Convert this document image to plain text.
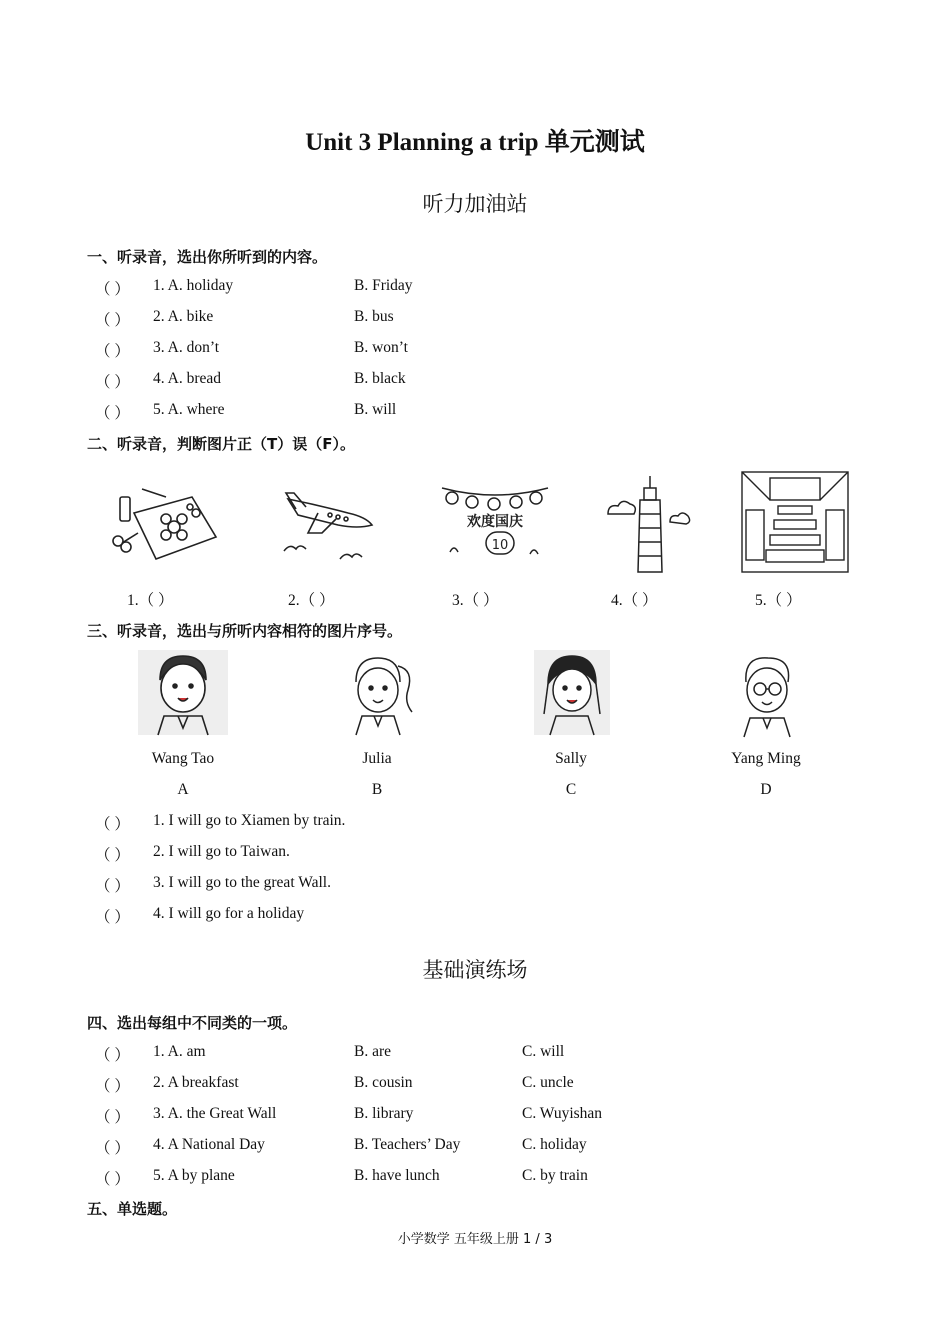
Unit 3 Planning a trip 单元测试
听力加油站
一、听录音，选出你所听到的内容。
（ ） 1. A. holiday	B. Friday
（ ） 2. A. bike	B. bus
（ ） 3. A. don’t	B. won’t
（ ） 4. A. bread	B. black
（ ） 5. A. where	B. will
二、听录音，判断图片正（T）误（F）。
欢度国庆
10
1.（ ）	2.（ ）	3.（ ）	4.（ ）	5.（ ）
三、听录音，选出与所听内容相符的图片序号。
Wang Tao	Julia	Sally	Yang Ming
A	B	C	D
（ ） 1. I will go to Xiamen by train.
（ ） 2. I will go to Taiwan.
（ ） 3. I will go to the great Wall.
（ ） 4. I will go for a holiday
基础演练场
四、选出每组中不同类的一项。
（ ） 1. A. am	B. are	C. will
（ ） 2. A breakfast	B. cousin	C. uncle
（ ） 3. A. the Great Wall	B. library	C. Wuyishan
（ ） 4. A National Day	B. Teachers’ Day	C. holiday
（ ） 5. A by plane	B. have lunch	C. by train
五、单选题。
小学数学 五年级上册 1 / 3
